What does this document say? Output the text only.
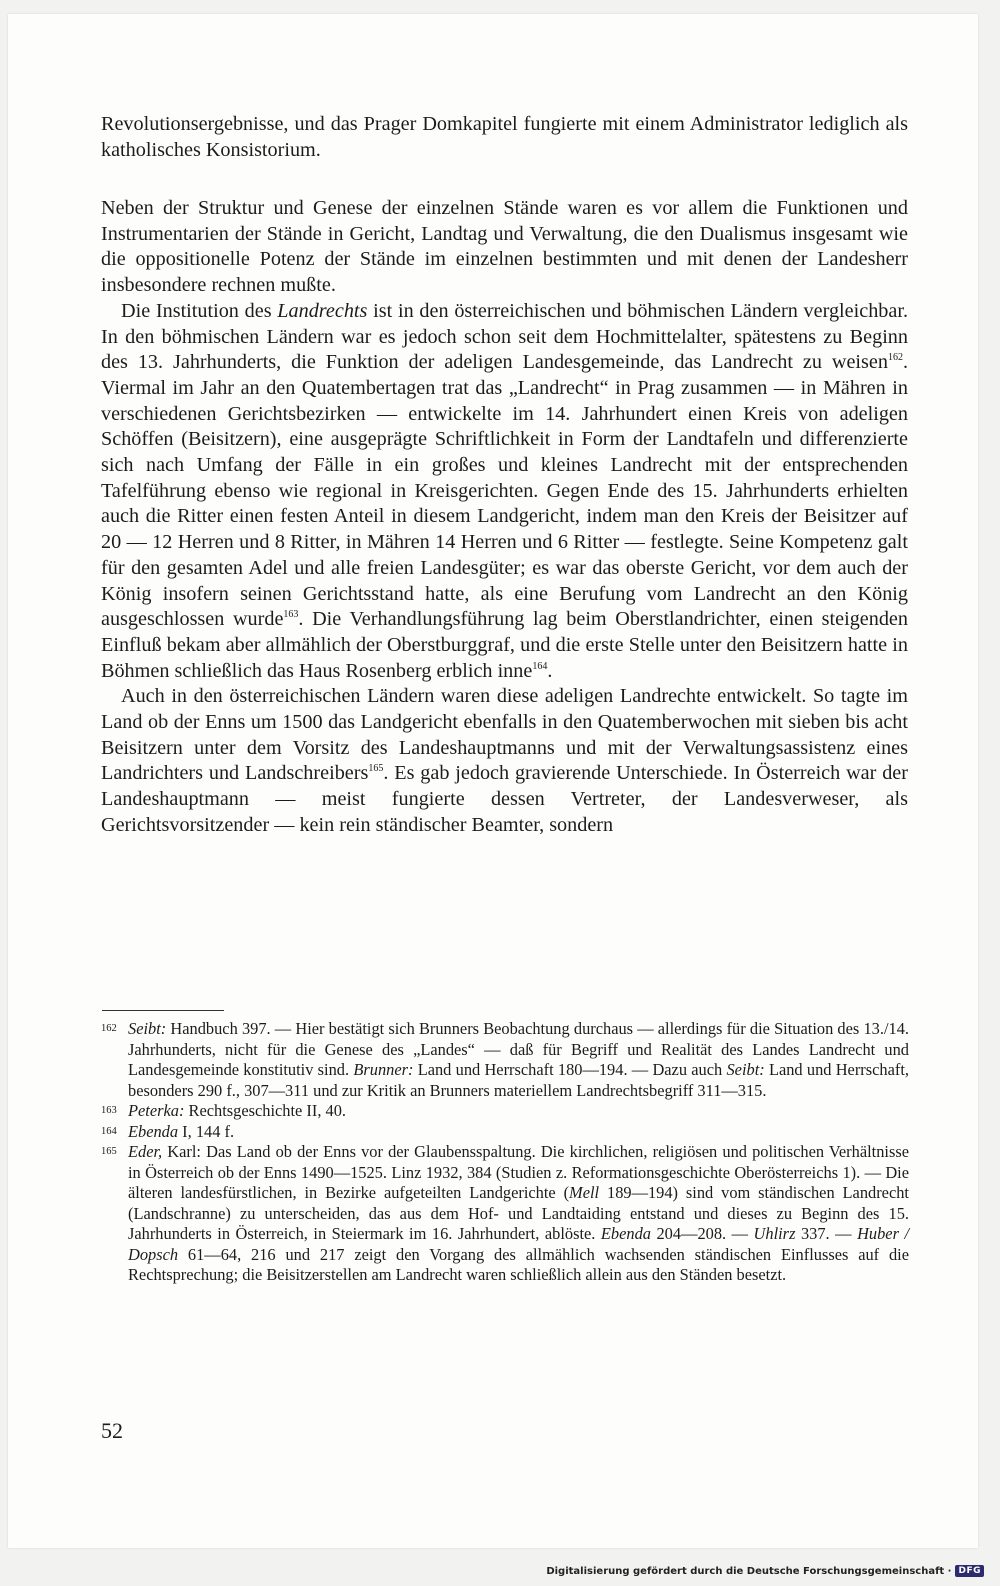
Revolutionsergebnisse, und das Prager Domkapitel fungierte mit einem Administrator lediglich als katholisches Konsistorium.

Neben der Struktur und Genese der einzelnen Stände waren es vor allem die Funktionen und Instrumentarien der Stände in Gericht, Landtag und Verwaltung, die den Dualismus insgesamt wie die oppositionelle Potenz der Stände im einzelnen bestimmten und mit denen der Landesherr insbesondere rechnen mußte.

Die Institution des Landrechts ist in den österreichischen und böhmischen Ländern vergleichbar. In den böhmischen Ländern war es jedoch schon seit dem Hochmittelalter, spätestens zu Beginn des 13. Jahrhunderts, die Funktion der adeligen Landesgemeinde, das Landrecht zu weisen$^{162}$. Viermal im Jahr an den Quatembertagen trat das „Landrecht“ in Prag zusammen — in Mähren in verschiedenen Gerichtsbezirken — entwickelte im 14. Jahrhundert einen Kreis von adeligen Schöffen (Beisitzern), eine ausgeprägte Schriftlichkeit in Form der Landtafeln und differenzierte sich nach Umfang der Fälle in ein großes und kleines Landrecht mit der entsprechenden Tafelführung ebenso wie regional in Kreisgerichten. Gegen Ende des 15. Jahrhunderts erhielten auch die Ritter einen festen Anteil in diesem Landgericht, indem man den Kreis der Beisitzer auf 20 — 12 Herren und 8 Ritter, in Mähren 14 Herren und 6 Ritter — festlegte. Seine Kompetenz galt für den gesamten Adel und alle freien Landesgüter; es war das oberste Gericht, vor dem auch der König insofern seinen Gerichtsstand hatte, als eine Berufung vom Landrecht an den König ausgeschlossen wurde$^{163}$. Die Verhandlungsführung lag beim Oberstlandrichter, einen steigenden Einfluß bekam aber allmählich der Oberstburggraf, und die erste Stelle unter den Beisitzern hatte in Böhmen schließlich das Haus Rosenberg erblich inne$^{164}$.

Auch in den österreichischen Ländern waren diese adeligen Landrechte entwickelt. So tagte im Land ob der Enns um 1500 das Landgericht ebenfalls in den Quatemberwochen mit sieben bis acht Beisitzern unter dem Vorsitz des Landeshauptmanns und mit der Verwaltungsassistenz eines Landrichters und Landschreibers$^{165}$. Es gab jedoch gravierende Unterschiede. In Österreich war der Landeshauptmann — meist fungierte dessen Vertreter, der Landesverweser, als Gerichtsvorsitzender — kein rein ständischer Beamter, sondern

162 Seibt: Handbuch 397. — Hier bestätigt sich Brunners Beobachtung durchaus — allerdings für die Situation des 13./14. Jahrhunderts, nicht für die Genese des „Landes“ — daß für Begriff und Realität des Landes Landrecht und Landesgemeinde konstitutiv sind. Brunner: Land und Herrschaft 180—194. — Dazu auch Seibt: Land und Herrschaft, besonders 290 f., 307—311 und zur Kritik an Brunners materiellem Landrechtsbegriff 311—315.
163 Peterka: Rechtsgeschichte II, 40.
164 Ebenda I, 144 f.
165 Eder, Karl: Das Land ob der Enns vor der Glaubensspaltung. Die kirchlichen, religiösen und politischen Verhältnisse in Österreich ob der Enns 1490—1525. Linz 1932, 384 (Studien z. Reformationsgeschichte Oberösterreichs 1). — Die älteren landesfürstlichen, in Bezirke aufgeteilten Landgerichte (Mell 189—194) sind vom ständischen Landrecht (Landschranne) zu unterscheiden, das aus dem Hof- und Landtaiding entstand und dieses zu Beginn des 15. Jahrhunderts in Österreich, in Steiermark im 16. Jahrhundert, ablöste. Ebenda 204—208. — Uhlirz 337. — Huber / Dopsch 61—64, 216 und 217 zeigt den Vorgang des allmählich wachsenden ständischen Einflusses auf die Rechtsprechung; die Beisitzerstellen am Landrecht waren schließlich allein aus den Ständen besetzt.
52
Digitalisierung gefördert durch die Deutsche Forschungsgemeinschaft · DFG
